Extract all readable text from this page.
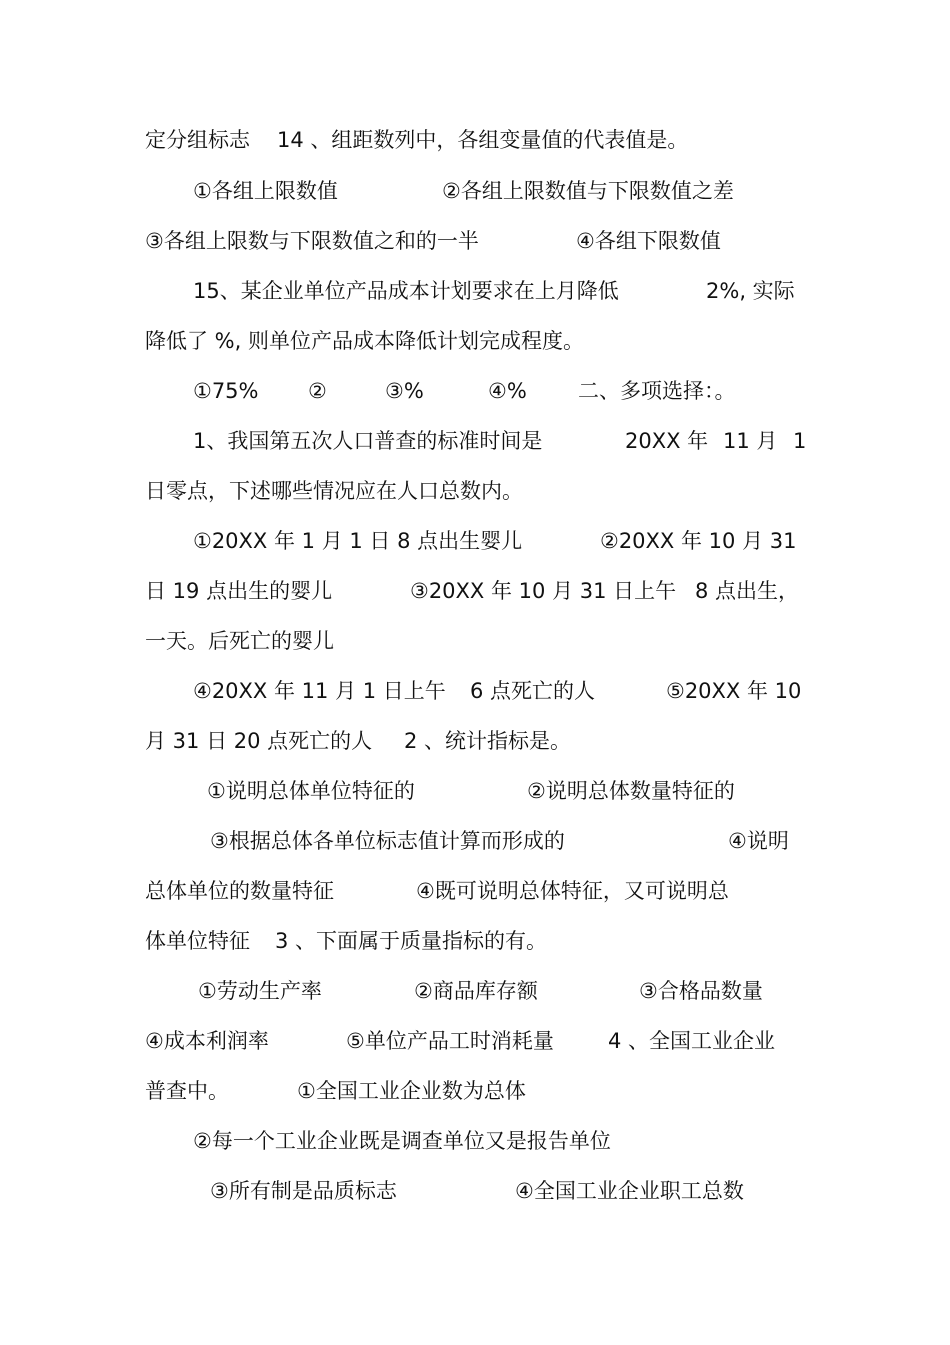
定分组标志

14 、组距数列中，各组变量值的代表值是。

①各组上限数值

	②各组上限数值与下限数值之差

③各组上限数与下限数值之和的一半

	④各组下限数值

15、某企业单位产品成本计划要求在上月降低

	2%, 实际

降低了 %, 则单位产品成本降低计划完成程度。

①75%

②

	③%

	④%

二、多项选择：。

1、我国第五次人口普查的标准时间是

	20XX 年

11 月

1

日零点，下述哪些情况应在人口总数内。

①20XX 年 1 月 1 日 8 点出生婴儿

	②20XX 年 10 月 31

日 19 点出生的婴儿

	③20XX 年 10 月 31 日上午

8 点出生，

一天。后死亡的婴儿

④20XX 年 11 月 1 日上午

6 点死亡的人

	⑤20XX 年 10

月 31 日 20 点死亡的人

2 、统计指标是。

①说明总体单位特征的

	②说明总体数量特征的

③根据总体各单位标志值计算而形成的

	④说明

总体单位的数量特征

	④既可说明总体特征，又可说明总

体单位特征

3 、下面属于质量指标的有。

①劳动生产率

	②商品库存额

	③合格品数量

④成本利润率

	⑤单位产品工时消耗量

	4 、全国工业企业

普查中。

	①全国工业企业数为总体

②每一个工业企业既是调查单位又是报告单位

③所有制是品质标志

	④全国工业企业职工总数
